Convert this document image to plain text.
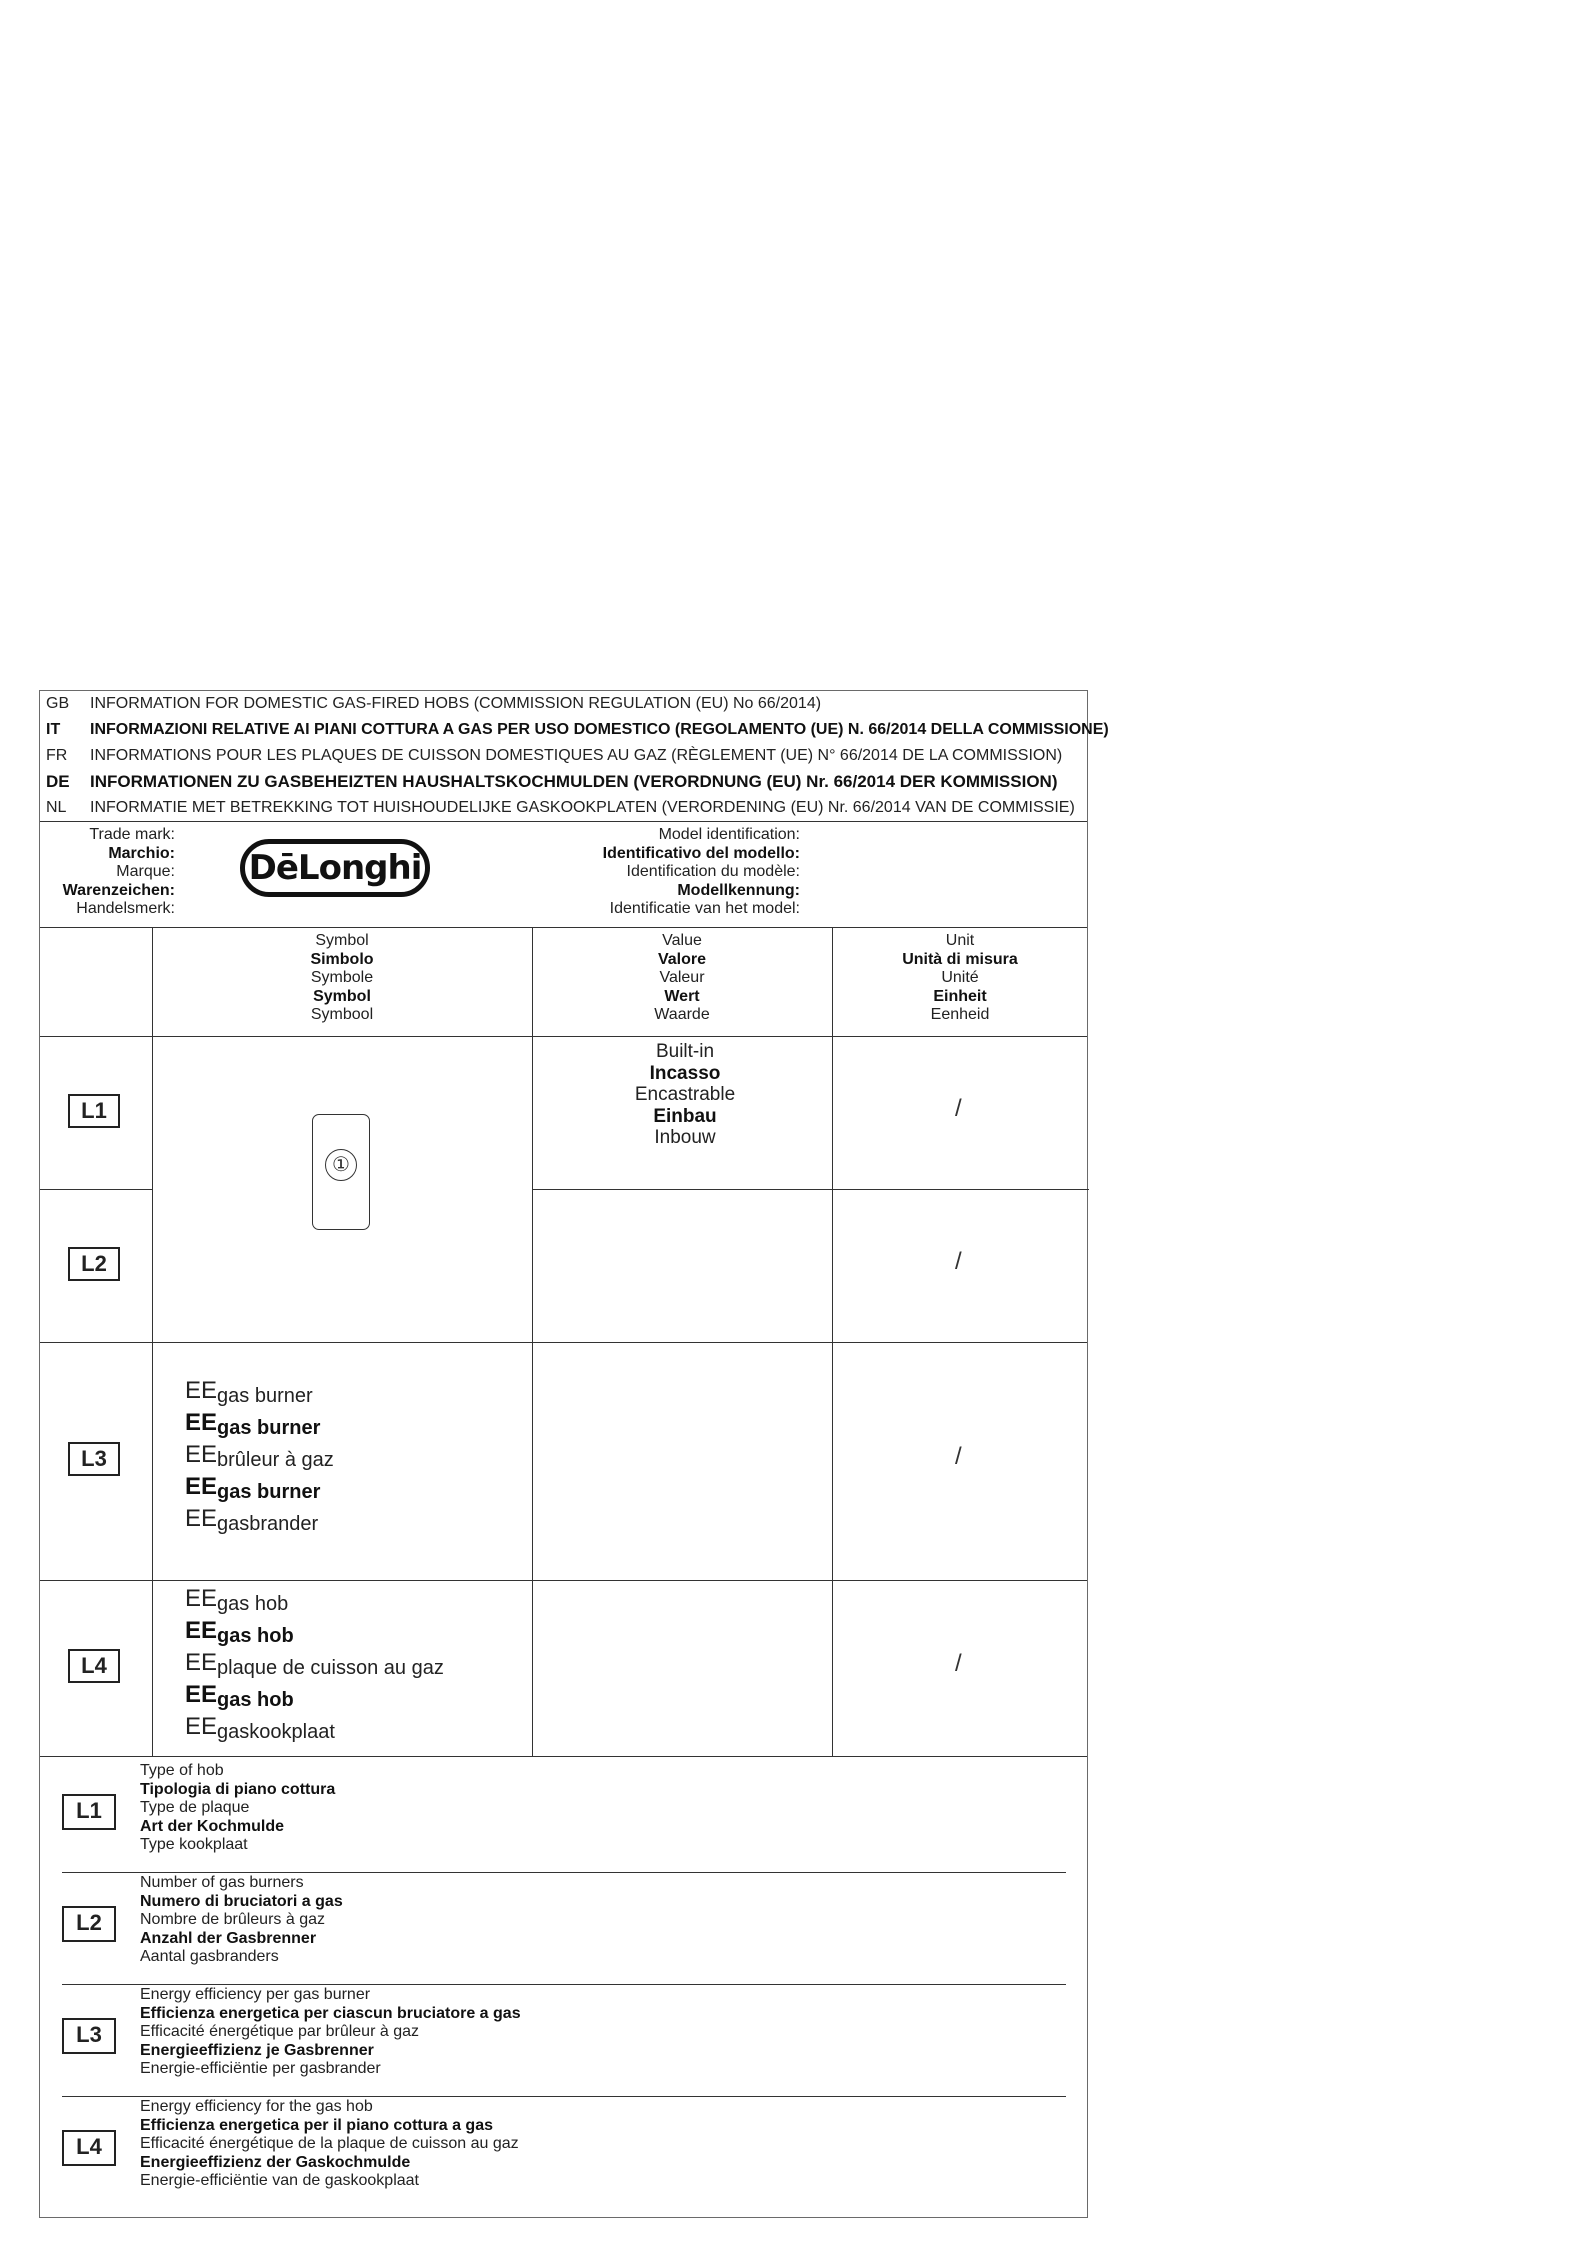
GB INFORMATION FOR DOMESTIC GAS-FIRED HOBS (COMMISSION REGULATION (EU) No 66/2014)
IT INFORMAZIONI RELATIVE AI PIANI COTTURA A GAS PER USO DOMESTICO (REGOLAMENTO (UE) N. 66/2014 DELLA COMMISSIONE)
FR INFORMATIONS POUR LES PLAQUES DE CUISSON DOMESTIQUES AU GAZ (RÈGLEMENT (UE) N° 66/2014 DE LA COMMISSION)
DE INFORMATIONEN ZU GASBEHEIZTEN HAUSHALTSKOCHMULDEN (VERORDNUNG (EU) Nr. 66/2014 DER KOMMISSION)
NL INFORMATIE MET BETREKKING TOT HUISHOUDELIJKE GASKOOKPLATEN (VERORDENING (EU) Nr. 66/2014 VAN DE COMMISSIE)
Trade mark:
Marchio:
Marque:
Warenzeichen:
Handelsmerk:
DēLonghi
Model identification:
Identificativo del modello:
Identification du modèle:
Modellkennung:
Identificatie van het model:
Symbol
Simbolo
Symbole
Symbol
Symbool
Value
Valore
Valeur
Wert
Waarde
Unit
Unità di misura
Unité
Einheit
Eenheid
L1
Built-in
Incasso
Encastrable
Einbau
Inbouw
/
①
L2	/
L3
$EE_{gas burner}$
$EE_{gas burner}$
$EE_{brûleur à gaz}$
$EE_{gas burner}$
$EE_{gasbrander}$
/
L4
$EE_{gas hob}$
$EE_{gas hob}$
$EE_{plaque de cuisson au gaz}$
$EE_{gas hob}$
$EE_{gaskookplaat}$
/
L1
Type of hob
Tipologia di piano cottura
Type de plaque
Art der Kochmulde
Type kookplaat
L2
Number of gas burners
Numero di bruciatori a gas
Nombre de brûleurs à gaz
Anzahl der Gasbrenner
Aantal gasbranders
L3
Energy efficiency per gas burner
Efficienza energetica per ciascun bruciatore a gas
Efficacité énergétique par brûleur à gaz
Energieeffizienz je Gasbrenner
Energie-efficiëntie per gasbrander
L4
Energy efficiency for the gas hob
Efficienza energetica per il piano cottura a gas
Efficacité énergétique de la plaque de cuisson au gaz
Energieeffizienz der Gaskochmulde
Energie-efficiëntie van de gaskookplaat
